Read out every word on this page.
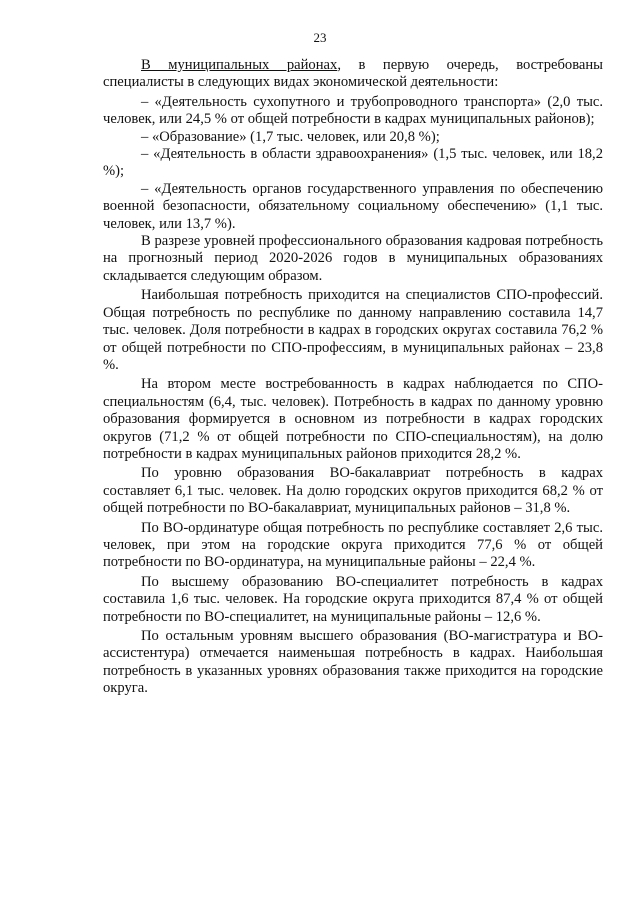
23

В муниципальных районах, в первую очередь, востребованы специалисты в следующих видах экономической деятельности:

– «Деятельность сухопутного и трубопроводного транспорта» (2,0 тыс. человек, или 24,5 % от общей потребности в кадрах муниципальных районов);

– «Образование» (1,7 тыс. человек, или 20,8 %);

– «Деятельность в области здравоохранения» (1,5 тыс. человек, или 18,2 %);

– «Деятельность органов государственного управления по обеспечению военной безопасности, обязательному социальному обеспечению» (1,1 тыс. человек, или 13,7 %).

В разрезе уровней профессионального образования кадровая потребность на прогнозный период 2020-2026 годов в муниципальных образованиях складывается следующим образом.

Наибольшая потребность приходится на специалистов СПО-профессий. Общая потребность по республике по данному направлению составила 14,7 тыс. человек. Доля потребности в кадрах в городских округах составила 76,2 % от общей потребности по СПО-профессиям, в муниципальных районах – 23,8 %.

На втором месте востребованность в кадрах наблюдается по СПО-специальностям (6,4, тыс. человек). Потребность в кадрах по данному уровню образования формируется в основном из потребности в кадрах городских округов (71,2 % от общей потребности по СПО-специальностям), на долю потребности в кадрах муниципальных районов приходится 28,2 %.

По уровню образования ВО-бакалавриат потребность в кадрах составляет 6,1 тыс. человек. На долю городских округов приходится 68,2 % от общей потребности по ВО-бакалавриат, муниципальных районов – 31,8 %.

По ВО-ординатуре общая потребность по республике составляет 2,6 тыс. человек, при этом на городские округа приходится 77,6 % от общей потребности по ВО-ординатура, на муниципальные районы – 22,4 %.

По высшему образованию ВО-специалитет потребность в кадрах составила 1,6 тыс. человек. На городские округа приходится 87,4 % от общей потребности по ВО-специалитет, на муниципальные районы – 12,6 %.

По остальным уровням высшего образования (ВО-магистратура и ВО-ассистентура) отмечается наименьшая потребность в кадрах. Наибольшая потребность в указанных уровнях образования также приходится на городские округа.
